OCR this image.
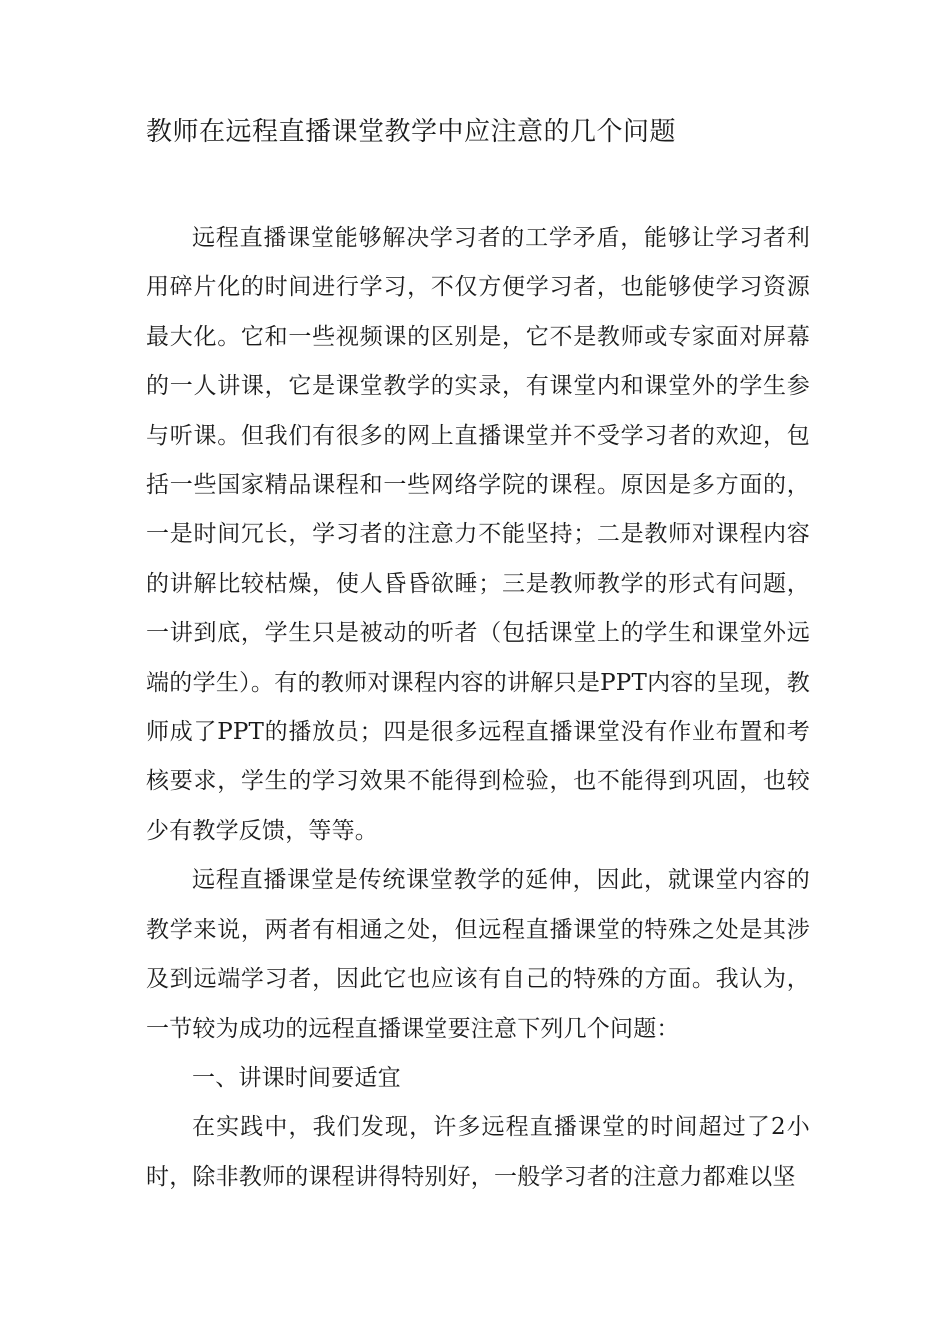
教师在远程直播课堂教学中应注意的几个问题

远程直播课堂能够解决学习者的工学矛盾，能够让学习者利用碎片化的时间进行学习，不仅方便学习者，也能够使学习资源最大化。它和一些视频课的区别是，它不是教师或专家面对屏幕的一人讲课，它是课堂教学的实录，有课堂内和课堂外的学生参与听课。但我们有很多的网上直播课堂并不受学习者的欢迎，包括一些国家精品课程和一些网络学院的课程。原因是多方面的，一是时间冗长，学习者的注意力不能坚持；二是教师对课程内容的讲解比较枯燥，使人昏昏欲睡；三是教师教学的形式有问题，一讲到底，学生只是被动的听者（包括课堂上的学生和课堂外远端的学生）。有的教师对课程内容的讲解只是PPT内容的呈现，教师成了PPT的播放员；四是很多远程直播课堂没有作业布置和考核要求，学生的学习效果不能得到检验，也不能得到巩固，也较少有教学反馈，等等。

远程直播课堂是传统课堂教学的延伸，因此，就课堂内容的教学来说，两者有相通之处，但远程直播课堂的特殊之处是其涉及到远端学习者，因此它也应该有自己的特殊的方面。我认为，一节较为成功的远程直播课堂要注意下列几个问题：

一、讲课时间要适宜

在实践中，我们发现，许多远程直播课堂的时间超过了2小时，除非教师的课程讲得特别好，一般学习者的注意力都难以坚
